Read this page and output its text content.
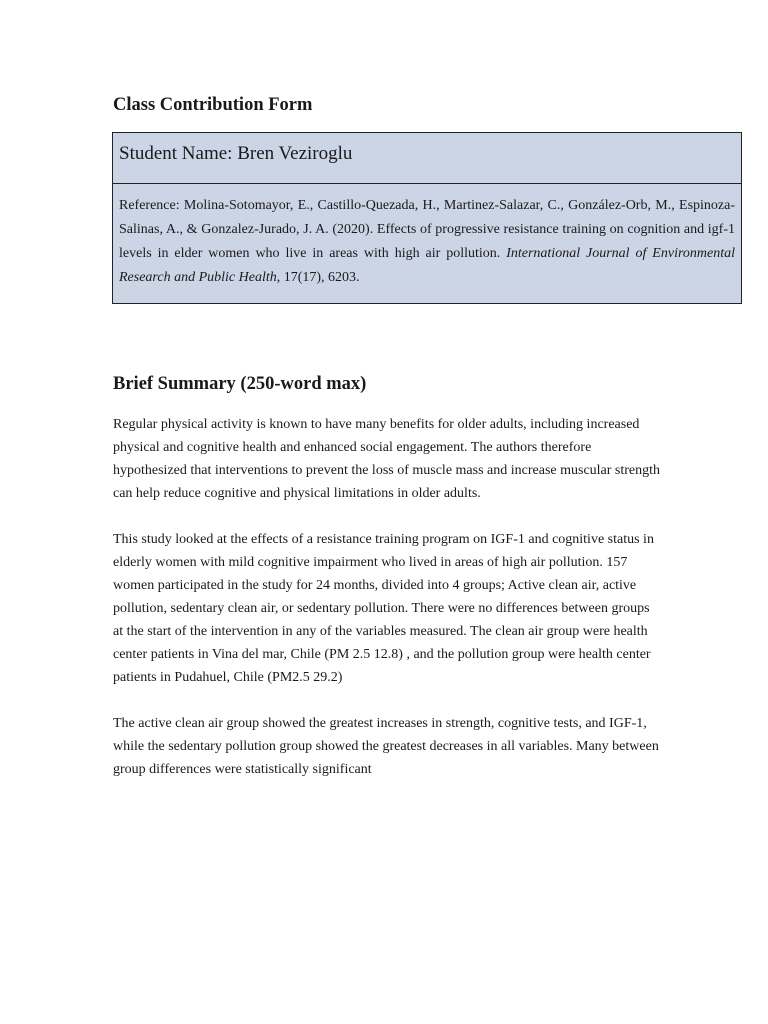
Class Contribution Form
Student Name: Bren Veziroglu
Reference: Molina-Sotomayor, E., Castillo-Quezada, H., Martinez-Salazar, C., González-Orb, M., Espinoza-Salinas, A., & Gonzalez-Jurado, J. A. (2020). Effects of progressive resistance training on cognition and igf-1 levels in elder women who live in areas with high air pollution. International Journal of Environmental Research and Public Health, 17(17), 6203.
Brief Summary (250-word max)

Regular physical activity is known to have many benefits for older adults, including increased physical and cognitive health and enhanced social engagement. The authors therefore hypothesized that interventions to prevent the loss of muscle mass and increase muscular strength can help reduce cognitive and physical limitations in older adults.

This study looked at the effects of a resistance training program on IGF-1 and cognitive status in elderly women with mild cognitive impairment who lived in areas of high air pollution. 157 women participated in the study for 24 months, divided into 4 groups; Active clean air, active pollution, sedentary clean air, or sedentary pollution. There were no differences between groups at the start of the intervention in any of the variables measured. The clean air group were health center patients in Vina del mar, Chile (PM 2.5 12.8) , and the pollution group were health center patients in Pudahuel, Chile (PM2.5 29.2)

The active clean air group showed the greatest increases in strength, cognitive tests, and IGF-1, while the sedentary pollution group showed the greatest decreases in all variables. Many between group differences were statistically significant
